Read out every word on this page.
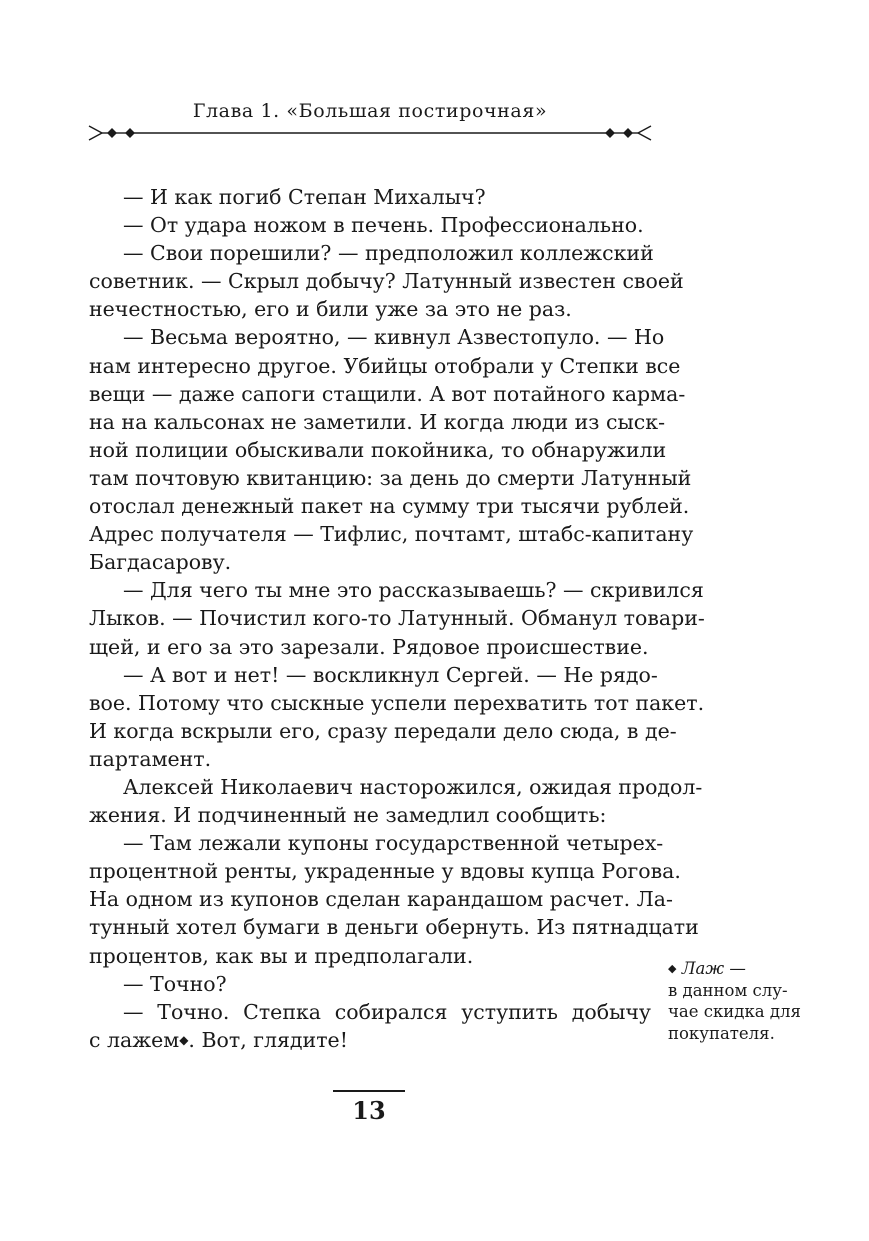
Глава 1. «Большая постирочная»
— И как погиб Степан Михалыч?
— От удара ножом в печень. Профессионально.
— Свои порешили? — предположил коллежский
советник. — Скрыл добычу? Латунный известен своей
нечестностью, его и били уже за это не раз.
— Весьма вероятно, — кивнул Азвестопуло. — Но
нам интересно другое. Убийцы отобрали у Степки все
вещи — даже сапоги стащили. А вот потайного карма-
на на кальсонах не заметили. И когда люди из сыск-
ной полиции обыскивали покойника, то обнаружили
там почтовую квитанцию: за день до смерти Латунный
отослал денежный пакет на сумму три тысячи рублей.
Адрес получателя — Тифлис, почтамт, штабс-капитану
Багдасарову.
— Для чего ты мне это рассказываешь? — скривился
Лыков. — Почистил кого-то Латунный. Обманул товари-
щей, и его за это зарезали. Рядовое происшествие.
— А вот и нет! — воскликнул Сергей. — Не рядо-
вое. Потому что сыскные успели перехватить тот пакет.
И когда вскрыли его, сразу передали дело сюда, в де-
партамент.
Алексей Николаевич насторожился, ожидая продол-
жения. И подчиненный не замедлил сообщить:
— Там лежали купоны государственной четырех-
процентной ренты, украденные у вдовы купца Рогова.
На одном из купонов сделан карандашом расчет. Ла-
тунный хотел бумаги в деньги обернуть. Из пятнадцати
процентов, как вы и предполагали.
— Точно?
— Точно. Степка собирался уступить добычу
с лажем◆. Вот, глядите!
◆ Лаж —
в данном слу-
чае скидка для
покупателя.
13
